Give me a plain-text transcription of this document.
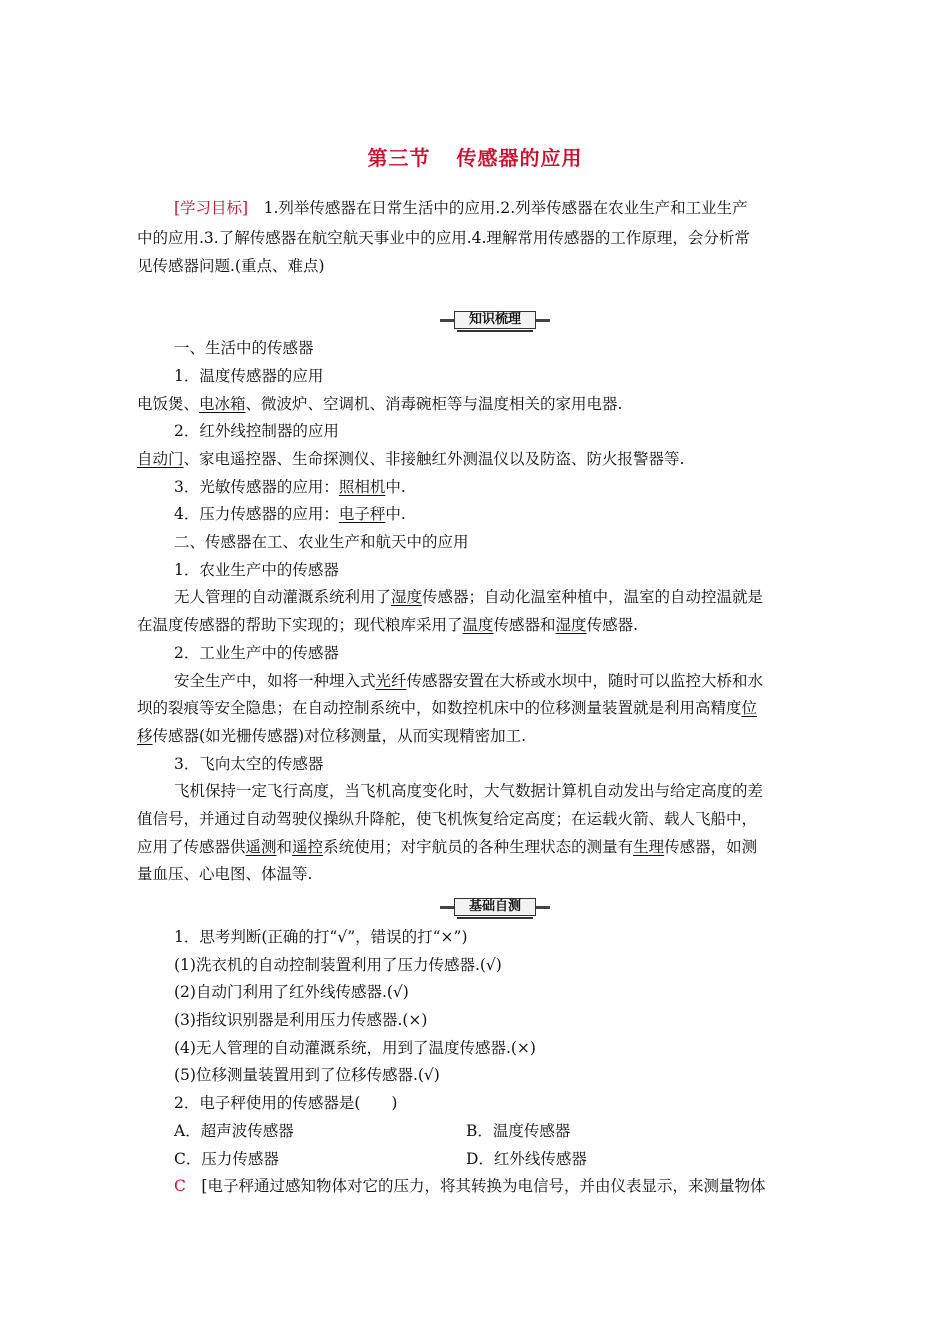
第三节 传感器的应用
[学习目标]　 1.列举传感器在日常生活中的应用.2.列举传感器在农业生产和工业生产
中的应用.3.了解传感器在航空航天事业中的应用.4.理解常用传感器的工作原理，会分析常
见传感器问题.(重点、难点)
知识梳理
一、生活中的传感器
1．温度传感器的应用
电饭煲、电冰箱、微波炉、空调机、消毒碗柜等与温度相关的家用电器.
2．红外线控制器的应用
自动门、家电遥控器、生命探测仪、非接触红外测温仪以及防盗、防火报警器等.
3．光敏传感器的应用：照相机中.
4．压力传感器的应用：电子秤中.
二、传感器在工、农业生产和航天中的应用
1．农业生产中的传感器
无人管理的自动灌溉系统利用了湿度传感器；自动化温室种植中，温室的自动控温就是
在温度传感器的帮助下实现的；现代粮库采用了温度传感器和湿度传感器.
2．工业生产中的传感器
安全生产中，如将一种埋入式光纤传感器安置在大桥或水坝中，随时可以监控大桥和水
坝的裂痕等安全隐患；在自动控制系统中，如数控机床中的位移测量装置就是利用高精度位
移传感器(如光栅传感器)对位移测量，从而实现精密加工.
3．飞向太空的传感器
飞机保持一定飞行高度，当飞机高度变化时，大气数据计算机自动发出与给定高度的差
值信号，并通过自动驾驶仪操纵升降舵，使飞机恢复给定高度；在运载火箭、载人飞船中，
应用了传感器供遥测和遥控系统使用；对宇航员的各种生理状态的测量有生理传感器，如测
量血压、心电图、体温等.
基础自测
1．思考判断(正确的打“√”，错误的打“×”)
(1)洗衣机的自动控制装置利用了压力传感器.(√)
(2)自动门利用了红外线传感器.(√)
(3)指纹识别器是利用压力传感器.(×)
(4)无人管理的自动灌溉系统，用到了温度传感器.(×)
(5)位移测量装置用到了位移传感器.(√)
2．电子秤使用的传感器是(　　)
A．超声波传感器	B．温度传感器
C．压力传感器	D．红外线传感器
C　 [电子秤通过感知物体对它的压力，将其转换为电信号，并由仪表显示，来测量物体
